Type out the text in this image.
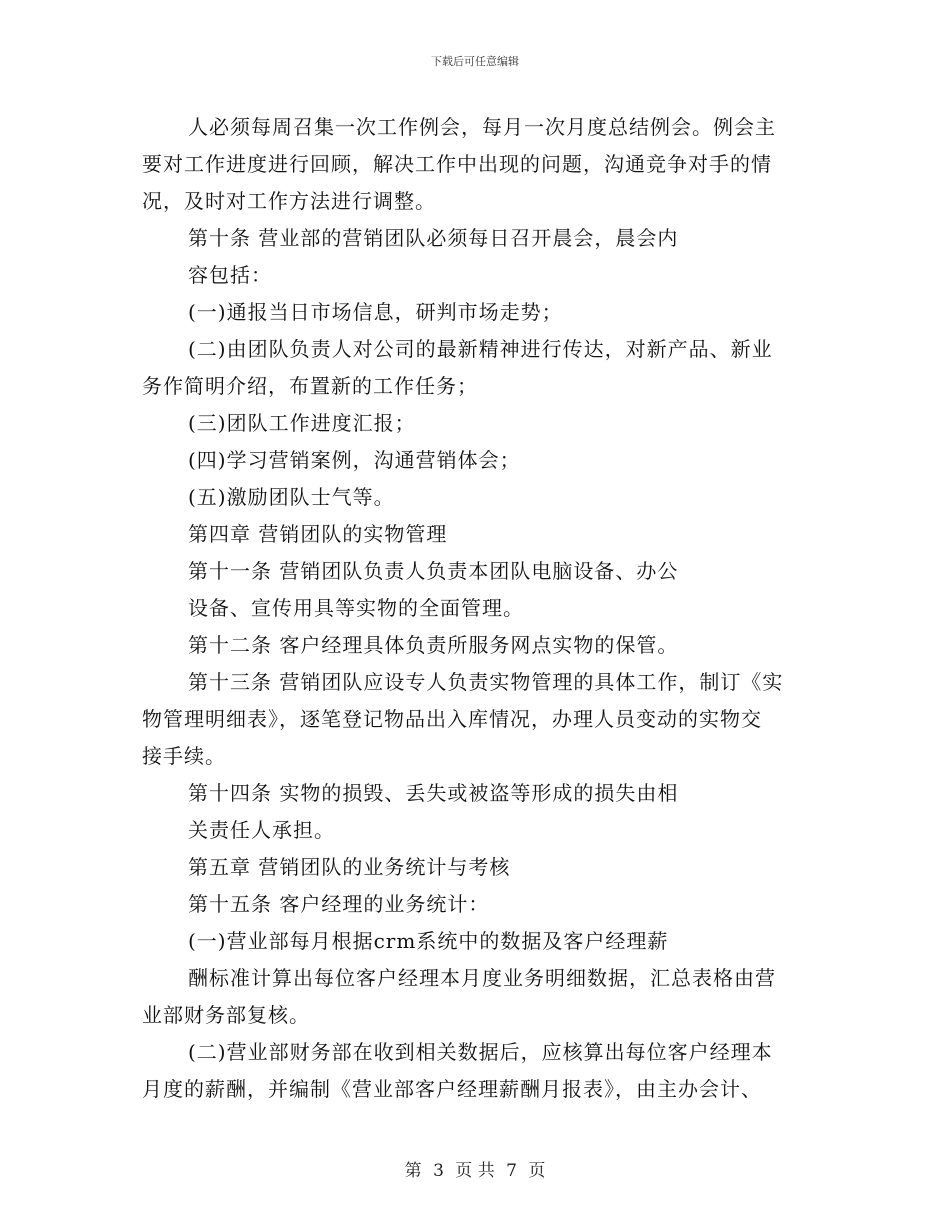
下载后可任意编辑
人必须每周召集一次工作例会，每月一次月度总结例会。例会主
要对工作进度进行回顾，解决工作中出现的问题，沟通竞争对手的情
况，及时对工作方法进行调整。
第十条 营业部的营销团队必须每日召开晨会，晨会内
容包括：
(一)通报当日市场信息，研判市场走势；
(二)由团队负责人对公司的最新精神进行传达，对新产品、新业
务作简明介绍，布置新的工作任务；
(三)团队工作进度汇报；
(四)学习营销案例，沟通营销体会；
(五)激励团队士气等。
第四章 营销团队的实物管理
第十一条 营销团队负责人负责本团队电脑设备、办公
设备、宣传用具等实物的全面管理。
第十二条 客户经理具体负责所服务网点实物的保管。
第十三条 营销团队应设专人负责实物管理的具体工作，制订《实
物管理明细表》，逐笔登记物品出入库情况，办理人员变动的实物交
接手续。
第十四条 实物的损毁、丢失或被盗等形成的损失由相
关责任人承担。
第五章 营销团队的业务统计与考核
第十五条 客户经理的业务统计：
(一)营业部每月根据crm系统中的数据及客户经理薪
酬标准计算出每位客户经理本月度业务明细数据，汇总表格由营
业部财务部复核。
(二)营业部财务部在收到相关数据后，应核算出每位客户经理本
月度的薪酬，并编制《营业部客户经理薪酬月报表》，由主办会计、
第 3 页 共 7 页
